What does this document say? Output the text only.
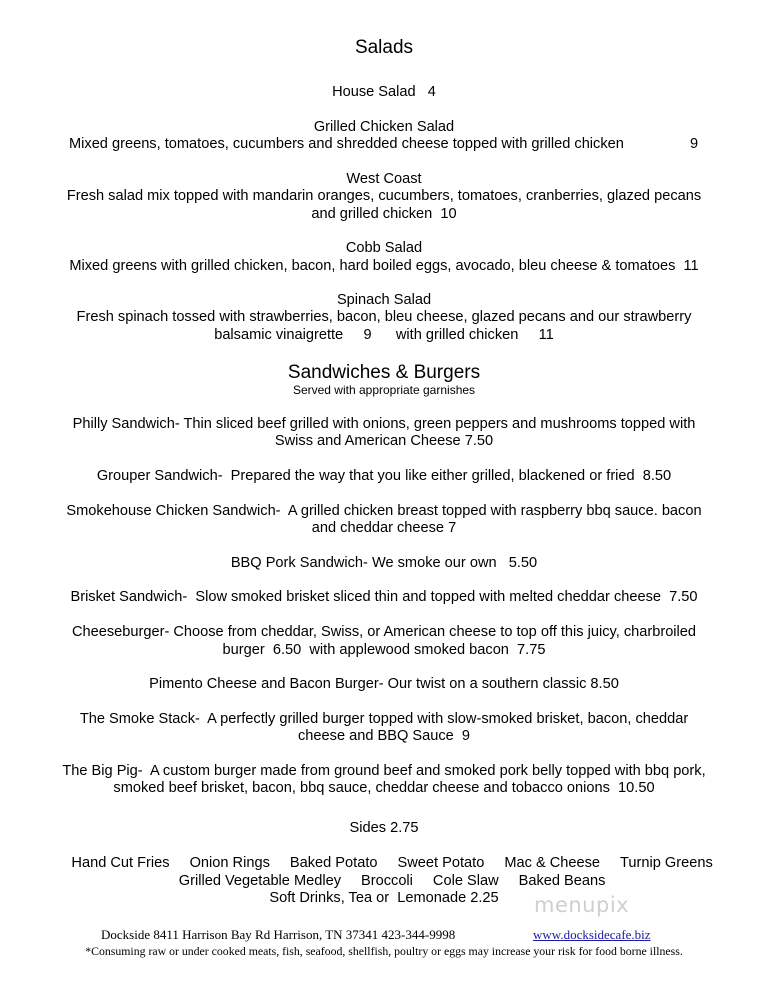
Salads
House Salad   4
Grilled Chicken Salad
Mixed greens, tomatoes, cucumbers and shredded cheese topped with grilled chicken	9
West Coast
Fresh salad mix topped with mandarin oranges, cucumbers, tomatoes, cranberries, glazed pecans
and grilled chicken  10
Cobb Salad
Mixed greens with grilled chicken, bacon, hard boiled eggs, avocado, bleu cheese & tomatoes  11
Spinach Salad
Fresh spinach tossed with strawberries, bacon, bleu cheese, glazed pecans and our strawberry
balsamic vinaigrette     9      with grilled chicken     11
Sandwiches & Burgers
Served with appropriate garnishes
Philly Sandwich- Thin sliced beef grilled with onions, green peppers and mushrooms topped with
Swiss and American Cheese 7.50
Grouper Sandwich-  Prepared the way that you like either grilled, blackened or fried  8.50
Smokehouse Chicken Sandwich-  A grilled chicken breast topped with raspberry bbq sauce. bacon
and cheddar cheese 7
BBQ Pork Sandwich- We smoke our own   5.50
Brisket Sandwich-  Slow smoked brisket sliced thin and topped with melted cheddar cheese  7.50
Cheeseburger- Choose from cheddar, Swiss, or American cheese to top off this juicy, charbroiled
burger  6.50  with applewood smoked bacon  7.75
Pimento Cheese and Bacon Burger- Our twist on a southern classic 8.50
The Smoke Stack-  A perfectly grilled burger topped with slow-smoked brisket, bacon, cheddar
cheese and BBQ Sauce  9
The Big Pig-  A custom burger made from ground beef and smoked pork belly topped with bbq pork,
smoked beef brisket, bacon, bbq sauce, cheddar cheese and tobacco onions  10.50
Sides 2.75

Hand Cut Fries Onion Rings Baked Potato Sweet Potato Mac & Cheese Turnip Greens

Grilled Vegetable Medley Broccoli Cole Slaw Baked Beans

Soft Drinks, Tea or  Lemonade 2.25	menupix
Dockside 8411 Harrison Bay Rd Harrison, TN 37341 423-344-9998	www.docksidecafe.biz
*Consuming raw or under cooked meats, fish, seafood, shellfish, poultry or eggs may increase your risk for food borne illness.
